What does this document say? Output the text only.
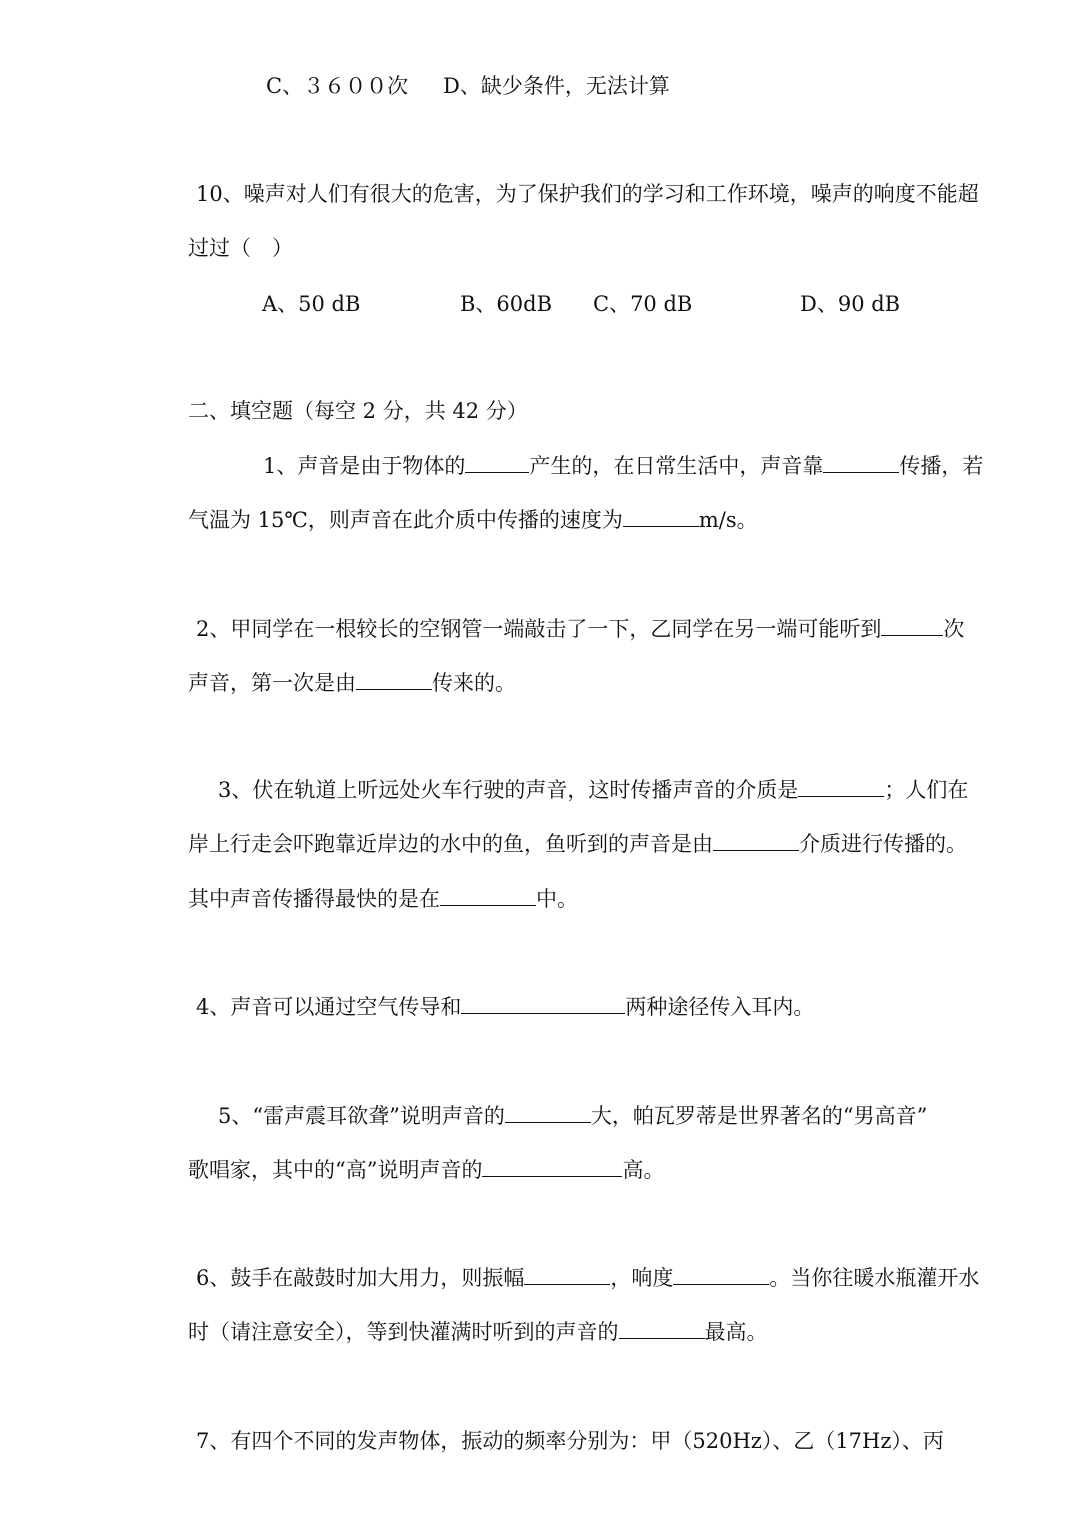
C、３６００次 D、缺少条件，无法计算
10、噪声对人们有很大的危害，为了保护我们的学习和工作环境，噪声的响度不能超
过过（　）
A、50 dB	B、60dB C、70 dB	D、90 dB
二、填空题（每空 2 分，共 42 分）
1、声音是由于物体的	产生的，在日常生活中，声音靠	传播，若
气温为 15℃，则声音在此介质中传播的速度为	m/s。
2、甲同学在一根较长的空钢管一端敲击了一下，乙同学在另一端可能听到	次
声音，第一次是由	传来的。
3、伏在轨道上听远处火车行驶的声音，这时传播声音的介质是	；人们在
岸上行走会吓跑靠近岸边的水中的鱼，鱼听到的声音是由	介质进行传播的。
其中声音传播得最快的是在	中。
4、声音可以通过空气传导和	两种途径传入耳内。
5、“雷声震耳欲聋”说明声音的	大，帕瓦罗蒂是世界著名的“男高音”
歌唱家，其中的“高”说明声音的	高。
6、鼓手在敲鼓时加大用力，则振幅	，响度	。当你往暖水瓶灌开水
时（请注意安全），等到快灌满时听到的声音的	最高。
7、有四个不同的发声物体，振动的频率分别为：甲（520Hz）、乙（17Hz）、丙
